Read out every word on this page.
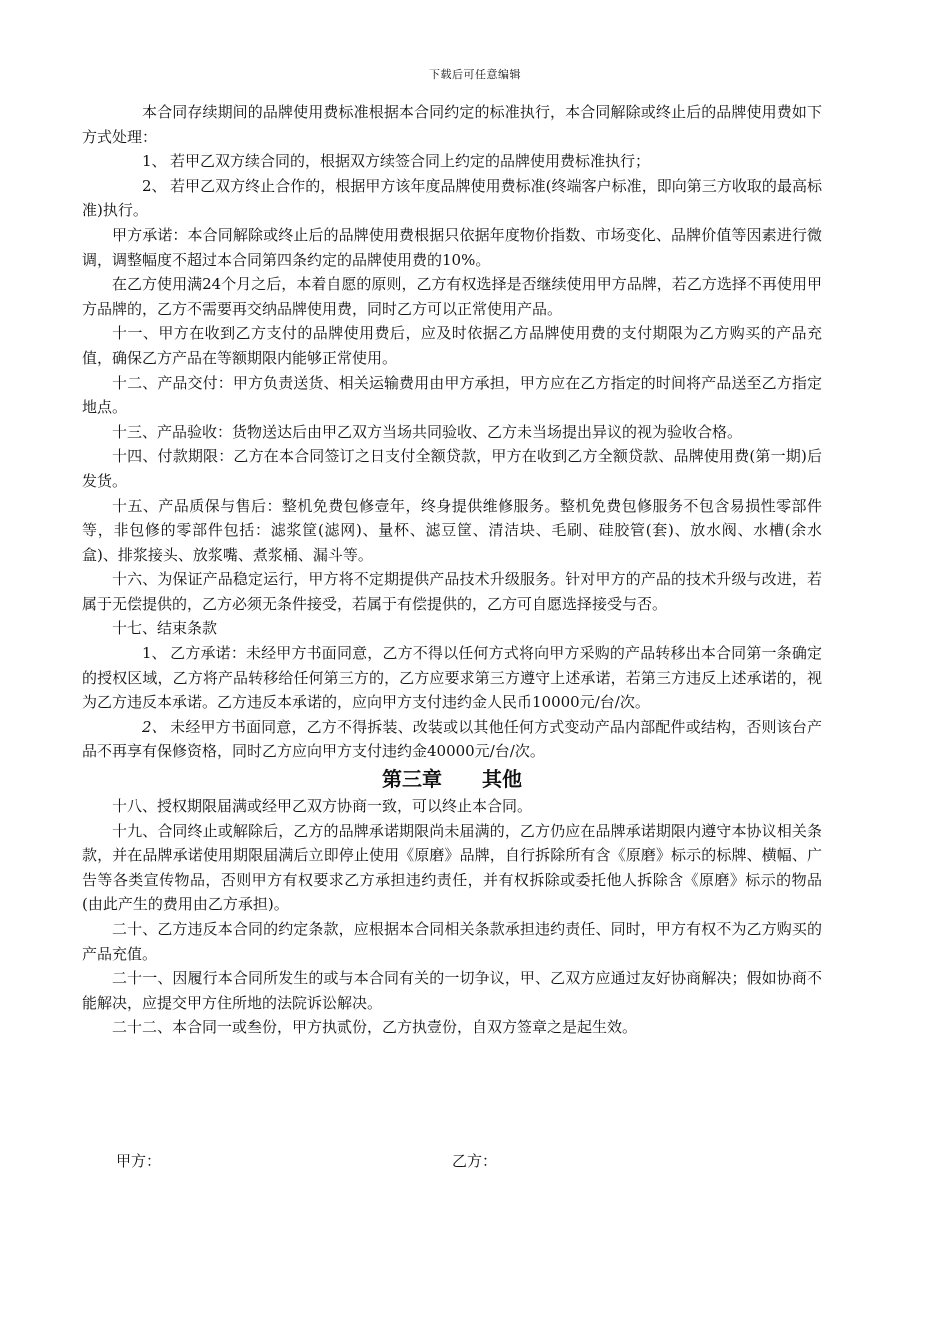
下载后可任意编辑

本合同存续期间的品牌使用费标准根据本合同约定的标准执行，本合同解除或终止后的品牌使用费如下方式处理：

1、 若甲乙双方续合同的，根据双方续签合同上约定的品牌使用费标准执行；

2、 若甲乙双方终止合作的，根据甲方该年度品牌使用费标准(终端客户标准，即向第三方收取的最高标准)执行。

甲方承诺：本合同解除或终止后的品牌使用费根据只依据年度物价指数、市场变化、品牌价值等因素进行微调，调整幅度不超过本合同第四条约定的品牌使用费的10%。

在乙方使用满24个月之后，本着自愿的原则，乙方有权选择是否继续使用甲方品牌，若乙方选择不再使用甲方品牌的，乙方不需要再交纳品牌使用费，同时乙方可以正常使用产品。

十一、甲方在收到乙方支付的品牌使用费后，应及时依据乙方品牌使用费的支付期限为乙方购买的产品充值，确保乙方产品在等额期限内能够正常使用。

十二、产品交付：甲方负责送货、相关运输费用由甲方承担，甲方应在乙方指定的时间将产品送至乙方指定地点。

十三、产品验收：货物送达后由甲乙双方当场共同验收、乙方未当场提出异议的视为验收合格。

十四、付款期限：乙方在本合同签订之日支付全额贷款，甲方在收到乙方全额贷款、品牌使用费(第一期)后发货。

十五、产品质保与售后：整机免费包修壹年，终身提供维修服务。整机免费包修服务不包含易损性零部件等，非包修的零部件包括：滤浆筐(滤网)、量杯、滤豆筐、清洁块、毛刷、硅胶管(套)、放水阀、水槽(余水盒)、排浆接头、放浆嘴、煮浆桶、漏斗等。

十六、为保证产品稳定运行，甲方将不定期提供产品技术升级服务。针对甲方的产品的技术升级与改进，若属于无偿提供的，乙方必须无条件接受，若属于有偿提供的，乙方可自愿选择接受与否。

十七、结束条款

1、 乙方承诺：未经甲方书面同意，乙方不得以任何方式将向甲方采购的产品转移出本合同第一条确定的授权区域，乙方将产品转移给任何第三方的，乙方应要求第三方遵守上述承诺，若第三方违反上述承诺的，视为乙方违反本承诺。乙方违反本承诺的，应向甲方支付违约金人民币10000元/台/次。

2、 未经甲方书面同意，乙方不得拆装、改装或以其他任何方式变动产品内部配件或结构，否则该台产品不再享有保修资格，同时乙方应向甲方支付违约金40000元/台/次。

第三章 其他

十八、授权期限届满或经甲乙双方协商一致，可以终止本合同。

十九、合同终止或解除后，乙方的品牌承诺期限尚未届满的，乙方仍应在品牌承诺期限内遵守本协议相关条款，并在品牌承诺使用期限届满后立即停止使用《原磨》品牌，自行拆除所有含《原磨》标示的标牌、横幅、广告等各类宣传物品，否则甲方有权要求乙方承担违约责任，并有权拆除或委托他人拆除含《原磨》标示的物品(由此产生的费用由乙方承担)。

二十、乙方违反本合同的约定条款，应根据本合同相关条款承担违约责任、同时，甲方有权不为乙方购买的产品充值。

二十一、因履行本合同所发生的或与本合同有关的一切争议，甲、乙双方应通过友好协商解决；假如协商不能解决，应提交甲方住所地的法院诉讼解决。

二十二、本合同一或叁份，甲方执贰份，乙方执壹份，自双方签章之是起生效。

甲方：	乙方：
